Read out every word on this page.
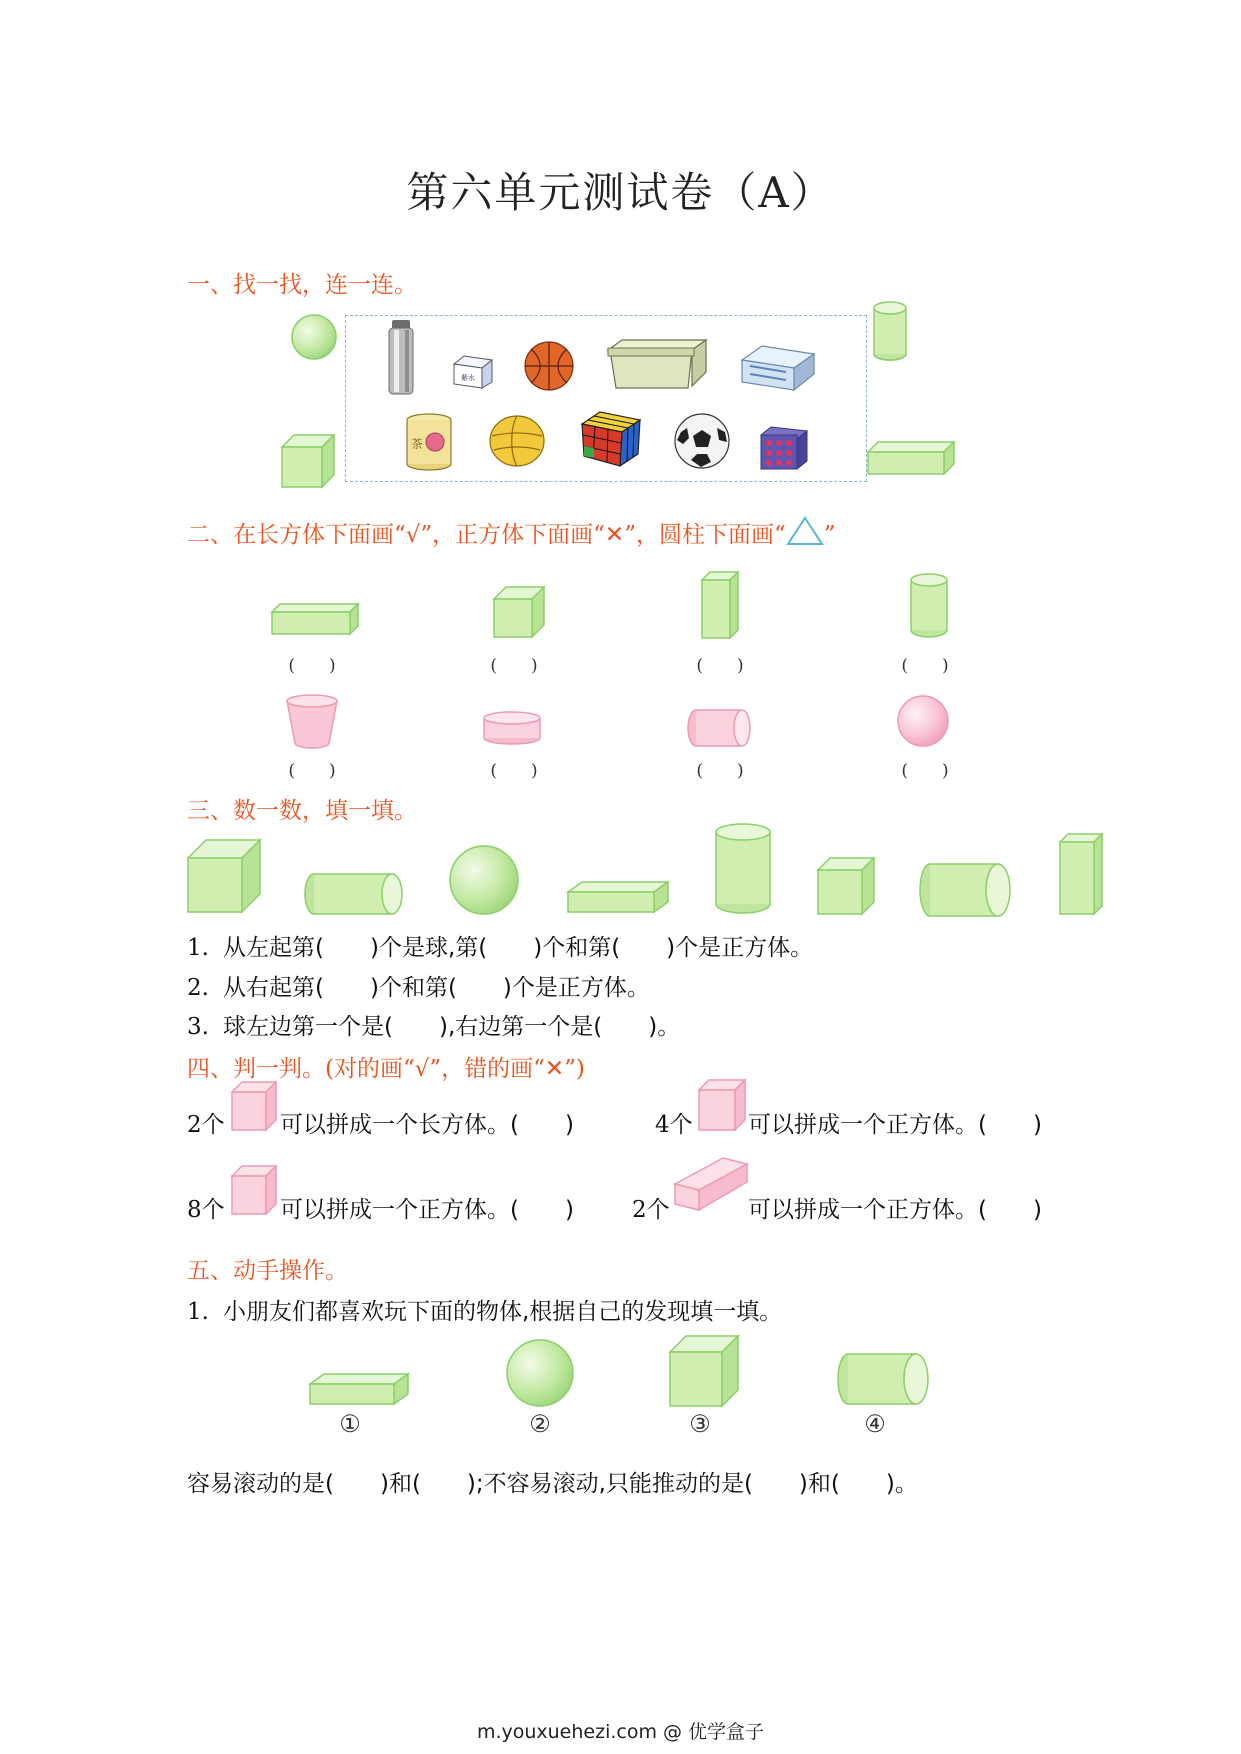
第六单元测试卷（A）
一、找一找，连一连。
紫水
茶
二、在长方体下面画“√”，正方体下面画“✕”，圆柱下面画“ ”
(　　)	(　　)	(　　)	(　　)
(　　)	(　　)	(　　)	(　　)
三、数一数，填一填。
1. 从左起第(　　)个是球,第(　　)个和第(　　)个是正方体。
2. 从右起第(　　)个和第(　　)个是正方体。
3. 球左边第一个是(　　),右边第一个是(　　)。
四、判一判。(对的画“√”，错的画“✕”)
2个 可以拼成一个长方体。(　　)	4个 可以拼成一个正方体。(　　)
8个 可以拼成一个正方体。(　　)	2个	可以拼成一个正方体。(　　)
五、动手操作。
1. 小朋友们都喜欢玩下面的物体,根据自己的发现填一填。
①	②	③	④
容易滚动的是(　　)和(　　);不容易滚动,只能推动的是(　　)和(　　)。
m.youxuehezi.com @ 优学盒子
